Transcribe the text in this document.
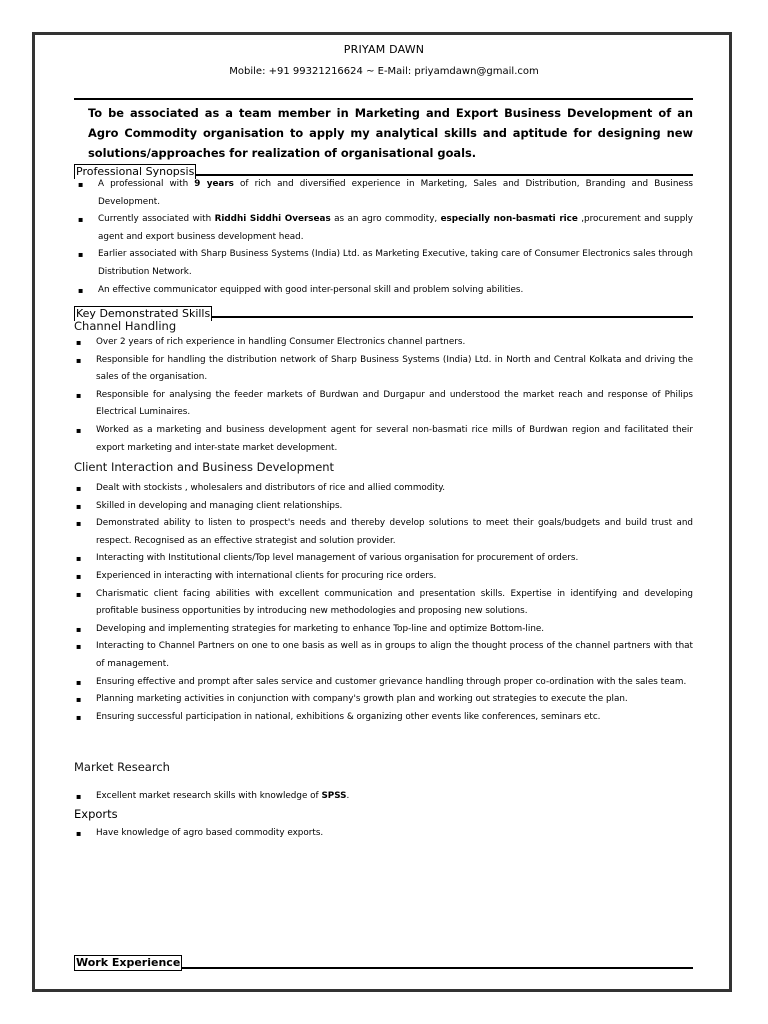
PRIYAM DAWN
Mobile: +91 99321216624 ~ E-Mail: priyamdawn@gmail.com
To be associated as a team member in Marketing and Export Business Development of an Agro Commodity organisation to apply my analytical skills and aptitude for designing new solutions/approaches for realization of organisational goals.
Professional Synopsis
▪ A professional with 9 years of rich and diversified experience in Marketing, Sales and Distribution, Branding and Business Development.
▪ Currently associated with Riddhi Siddhi Overseas as an agro commodity, especially non-basmati rice ,procurement and supply agent and export business development head.
▪ Earlier associated with Sharp Business Systems (India) Ltd. as Marketing Executive, taking care of Consumer Electronics sales through Distribution Network.
▪ An effective communicator equipped with good inter-personal skill and problem solving abilities.
Key Demonstrated Skills
Channel Handling
▪ Over 2 years of rich experience in handling Consumer Electronics channel partners.
▪ Responsible for handling the distribution network of Sharp Business Systems (India) Ltd. in North and Central Kolkata and driving the sales of the organisation.
▪ Responsible for analysing the feeder markets of Burdwan and Durgapur and understood the market reach and response of Philips Electrical Luminaires.
▪ Worked as a marketing and business development agent for several non-basmati rice mills of Burdwan region and facilitated their export marketing and inter-state market development.
Client Interaction and Business Development
▪ Dealt with stockists , wholesalers and distributors of rice and allied commodity.
▪ Skilled in developing and managing client relationships.
▪ Demonstrated ability to listen to prospect's needs and thereby develop solutions to meet their goals/budgets and build trust and respect. Recognised as an effective strategist and solution provider.
▪ Interacting with Institutional clients/Top level management of various organisation for procurement of orders.
▪ Experienced in interacting with international clients for procuring rice orders.
▪ Charismatic client facing abilities with excellent communication and presentation skills. Expertise in identifying and developing profitable business opportunities by introducing new methodologies and proposing new solutions.
▪ Developing and implementing strategies for marketing to enhance Top-line and optimize Bottom-line.
▪ Interacting to Channel Partners on one to one basis as well as in groups to align the thought process of the channel partners with that of management.
▪ Ensuring effective and prompt after sales service and customer grievance handling through proper co-ordination with the sales team.
▪ Planning marketing activities in conjunction with company's growth plan and working out strategies to execute the plan.
▪ Ensuring successful participation in national, exhibitions & organizing other events like conferences, seminars etc.
Market Research
▪ Excellent market research skills with knowledge of SPSS.
Exports
▪ Have knowledge of agro based commodity exports.
Work Experience
